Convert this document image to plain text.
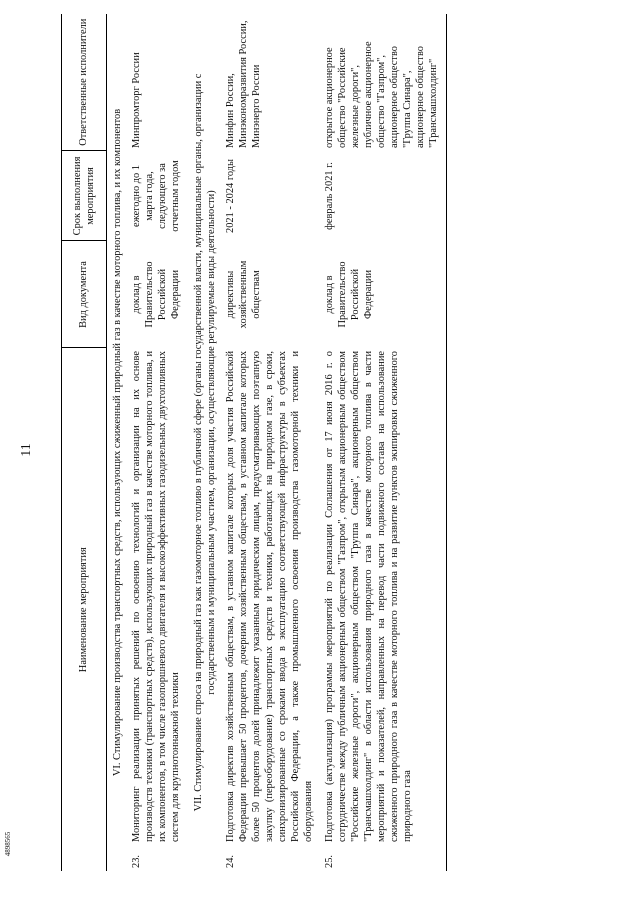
11
4898565
Наименование мероприятия		Вид документа	Срок выполнения мероприятия	Ответственные исполнители
VI. Стимулирование производства транспортных средств, использующих сжиженный природный газ в качестве моторного топлива, и их компонентов				
23.	Мониторинг реализации принятых решений по освоению технологий и организации на их основе производств техники (транспортных средств), использующих природный газ в качестве моторного топлива, и их компонентов, в том числе газопоршневого двигателя и высокоэффективных газодизельных двухтопливных систем для крупнотоннажной техники	доклад в Правительство Российской Федерации	ежегодно до 1 марта года, следующего за отчетным годом	Минпромторг России
VII. Стимулирование спроса на природный газ как газомоторное топливо в публичной сфере (органы государственной власти, муниципальные органы, организации с государственным и муниципальным участием, организации, осуществляющие регулируемые виды деятельности)				
24.	Подготовка директив хозяйственным обществам, в уставном капитале которых доля участия Российской Федерации превышает 50 процентов, дочерним хозяйственным обществам, в уставном капитале которых более 50 процентов долей принадлежит указанным юридическим лицам, предусматривающих поэтапную закупку (переоборудование) транспортных средств и техники, работающих на природном газе, в сроки, синхронизированные со сроками ввода в эксплуатацию соответствующей инфраструктуры в субъектах Российской Федерации, а также промышленного освоения производства газомоторной техники и оборудования	директивы хозяйственным обществам	2021 - 2024 годы	Минфин России, Минэкономразвития России, Минэнерго России
25.	Подготовка (актуализация) программы мероприятий по реализации Соглашения от 17 июня 2016 г. о сотрудничестве между публичным акционерным обществом "Газпром", открытым акционерным обществом "Российские железные дороги", акционерным обществом "Группа Синара", акционерным обществом "Трансмашхолдинг" в области использования природного газа в качестве моторного топлива в части мероприятий и показателей, направленных на перевод части подвижного состава на использование сжиженного природного газа в качестве моторного топлива и на развитие пунктов экипировки сжиженного природного газа	доклад в Правительство Российской Федерации	февраль 2021 г.	открытое акционерное общество "Российские железные дороги", публичное акционерное общество "Газпром", акционерное общество "Группа Синара", акционерное общество "Трансмашхолдинг"
